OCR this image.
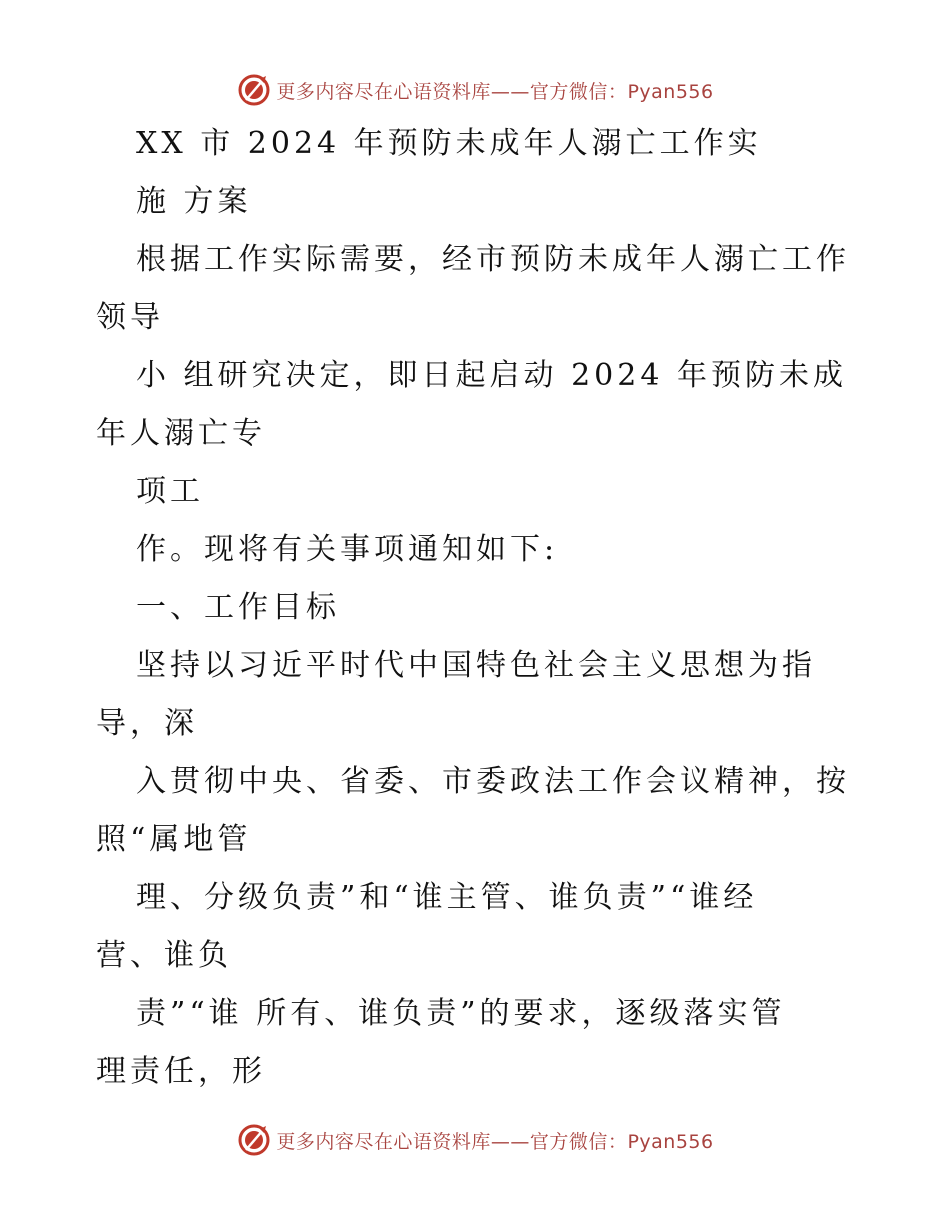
更多内容尽在心语资料库——官方微信：Pyan556
XX 市 2024 年预防未成年人溺亡工作实
施 方案
根据工作实际需要，经市预防未成年人溺亡工作
领导
小 组研究决定，即日起启动 2024 年预防未成
年人溺亡专
项工
作。现将有关事项通知如下:
一、工作目标
坚持以习近平时代中国特色社会主义思想为指
导，深
入贯彻中央、省委、市委政法工作会议精神，按
照“属地管
理、分级负责”和“谁主管、谁负责”“谁经
营、谁负
责”“谁 所有、谁负责”的要求，逐级落实管
理责任，形
更多内容尽在心语资料库——官方微信：Pyan556
